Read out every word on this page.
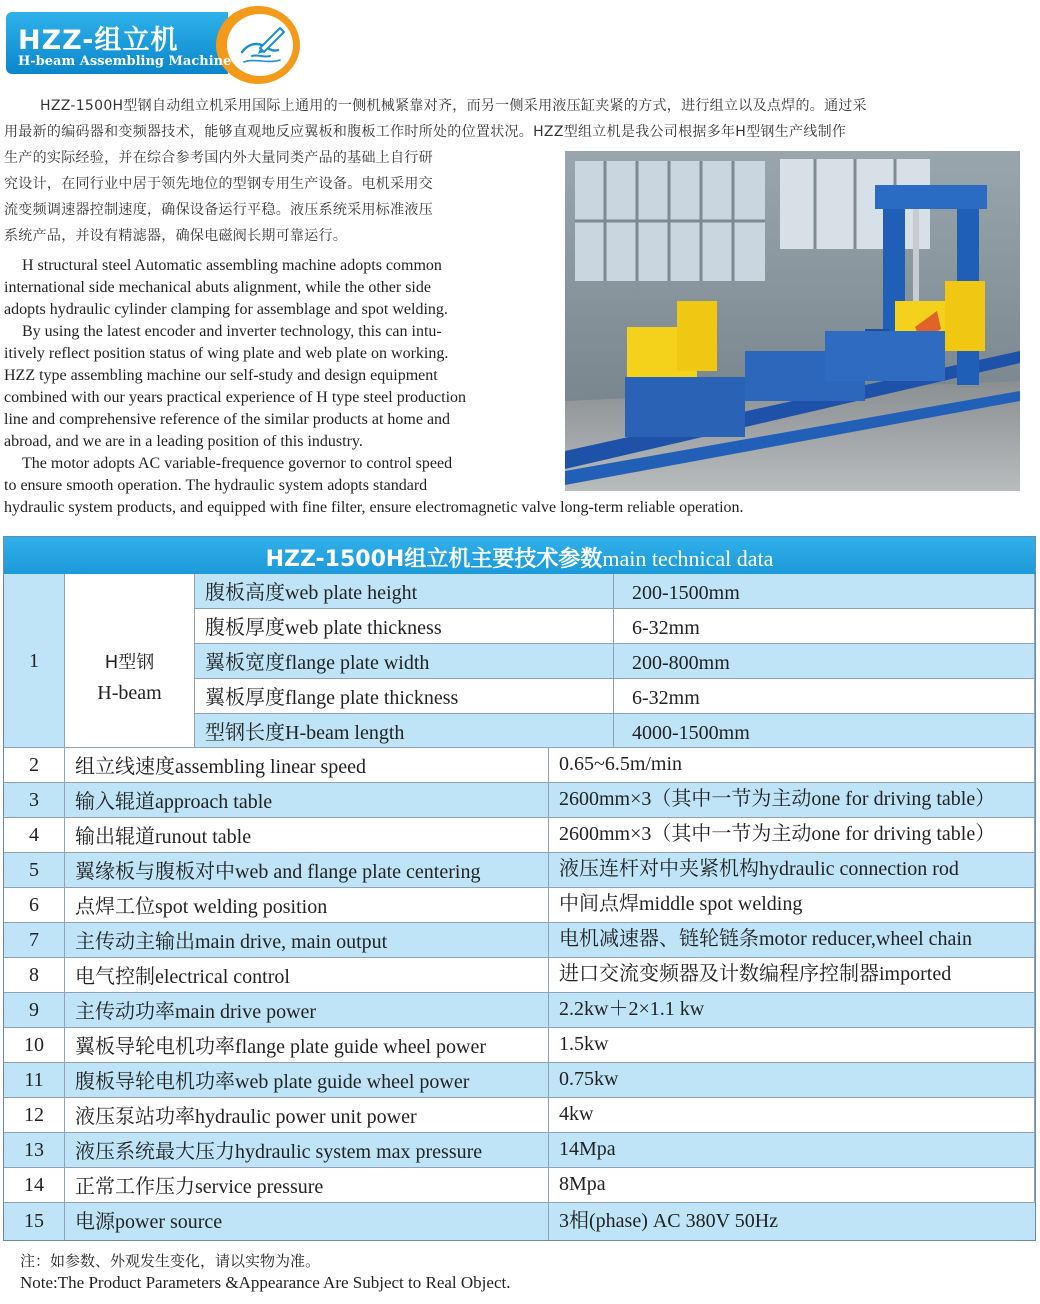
HZZ-组立机
H-beam Assembling Machine
HZZ-1500H型钢自动组立机采用国际上通用的一侧机械紧靠对齐，而另一侧采用液压缸夹紧的方式，进行组立以及点焊的。通过采
用最新的编码器和变频器技术，能够直观地反应翼板和腹板工作时所处的位置状况。HZZ型组立机是我公司根据多年H型钢生产线制作
生产的实际经验，并在综合参考国内外大量同类产品的基础上自行研
究设计，在同行业中居于领先地位的型钢专用生产设备。电机采用交
流变频调速器控制速度，确保设备运行平稳。液压系统采用标准液压
系统产品，并设有精滤器，确保电磁阀长期可靠运行。
H structural steel Automatic assembling machine adopts common
international side mechanical abuts alignment, while the other side
adopts hydraulic cylinder clamping for assemblage and spot welding.
By using the latest encoder and inverter technology, this can intu-
itively reflect position status of wing plate and web plate on working.
HZZ type assembling machine our self-study and design equipment
combined with our years practical experience of H type steel production
line and comprehensive reference of the similar products at home and
abroad, and we are in a leading position of this industry.
The motor adopts AC variable-frequence governor to control speed
to ensure smooth operation. The hydraulic system adopts standard
hydraulic system products, and equipped with fine filter, ensure electromagnetic valve long-term reliable operation.
HZZ-1500H组立机主要技术参数main technical data
1	H型钢
H-beam
腹板高度web plate height	200-1500mm
腹板厚度web plate thickness	6-32mm
翼板宽度flange plate width	200-800mm
翼板厚度flange plate thickness	6-32mm
型钢长度H-beam length	4000-1500mm
2	组立线速度assembling linear speed	0.65~6.5m/min
3	输入辊道approach table	2600mm×3（其中一节为主动one for driving table）
4	输出辊道runout table	2600mm×3（其中一节为主动one for driving table）
5	翼缘板与腹板对中web and flange plate centering	液压连杆对中夹紧机构hydraulic connection rod
6	点焊工位spot welding position	中间点焊middle spot welding
7	主传动主输出main drive, main output	电机减速器、链轮链条motor reducer,wheel chain
8	电气控制electrical control	进口交流变频器及计数编程序控制器imported
9	主传动功率main drive power	2.2kw＋2×1.1 kw
10	翼板导轮电机功率flange plate guide wheel power	1.5kw
11	腹板导轮电机功率web plate guide wheel power	0.75kw
12	液压泵站功率hydraulic power unit power	4kw
13	液压系统最大压力hydraulic system max pressure	14Mpa
14	正常工作压力service pressure	8Mpa
15	电源power source	3相(phase) AC 380V 50Hz
注：如参数、外观发生变化，请以实物为准。
Note:The Product Parameters &Appearance Are Subject to Real Object.
